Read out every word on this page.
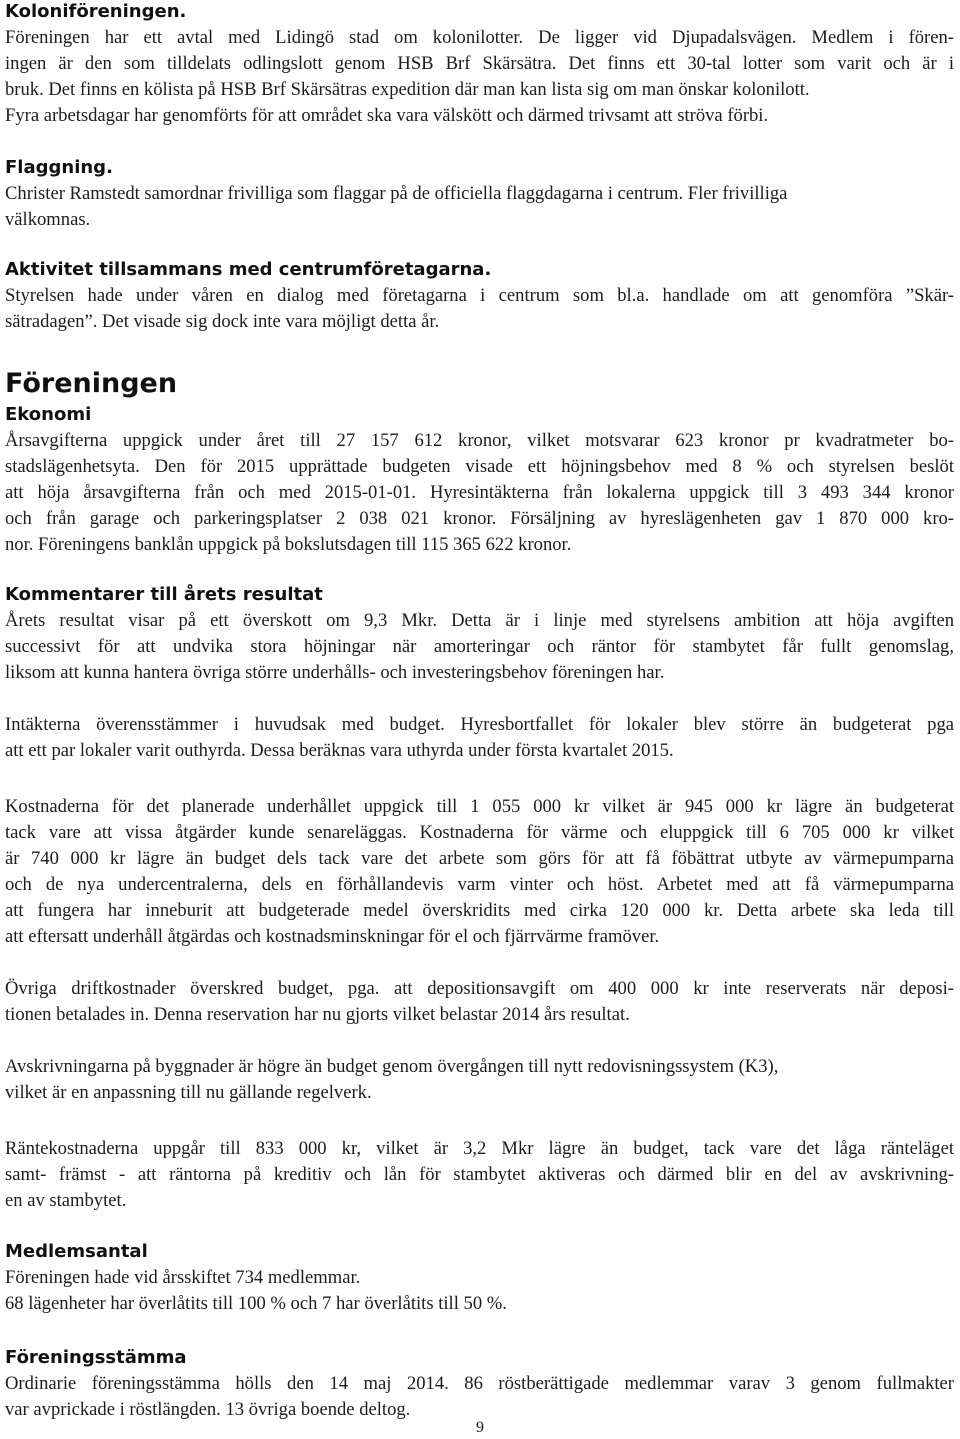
Koloniföreningen.
Föreningen har ett avtal med Lidingö stad om kolonilotter. De ligger vid Djupadalsvägen. Medlem i fören-
ingen är den som tilldelats odlingslott genom HSB Brf Skärsätra. Det finns ett 30-tal lotter som varit och är i
bruk. Det finns en kölista på HSB Brf Skärsätras expedition där man kan lista sig om man önskar kolonilott.
Fyra arbetsdagar har genomförts för att området ska vara välskött och därmed trivsamt att ströva förbi.
Flaggning.
Christer Ramstedt samordnar frivilliga som flaggar på de officiella flaggdagarna i centrum. Fler frivilliga
välkomnas.
Aktivitet tillsammans med centrumföretagarna.
Styrelsen hade under våren en dialog med företagarna i centrum som bl.a. handlade om att genomföra ”Skär-
sätradagen”. Det visade sig dock inte vara möjligt detta år.
Föreningen
Ekonomi
Årsavgifterna uppgick under året till 27 157 612 kronor, vilket motsvarar 623 kronor pr kvadratmeter bo-
stadslägenhetsyta. Den för 2015 upprättade budgeten visade ett höjningsbehov med 8 % och styrelsen beslöt
att höja årsavgifterna från och med 2015-01-01. Hyresintäkterna från lokalerna uppgick till 3 493 344 kronor
och från garage och parkeringsplatser 2 038 021 kronor. Försäljning av hyreslägenheten gav 1 870 000 kro-
nor. Föreningens banklån uppgick på bokslutsdagen till 115 365 622 kronor.
Kommentarer till årets resultat
Årets resultat visar på ett överskott om 9,3 Mkr. Detta är i linje med styrelsens ambition att höja avgiften
successivt för att undvika stora höjningar när amorteringar och räntor för stambytet får fullt genomslag,
liksom att kunna hantera övriga större underhålls- och investeringsbehov föreningen har.
Intäkterna överensstämmer i huvudsak med budget. Hyresbortfallet för lokaler blev större än budgeterat pga
att ett par lokaler varit outhyrda. Dessa beräknas vara uthyrda under första kvartalet 2015.
Kostnaderna för det planerade underhållet uppgick till 1 055 000 kr vilket är 945 000 kr lägre än budgeterat
tack vare att vissa åtgärder kunde senareläggas. Kostnaderna för värme och eluppgick till 6 705 000 kr vilket
är 740 000 kr lägre än budget dels tack vare det arbete som görs för att få föbättrat utbyte av värmepumparna
och de nya undercentralerna, dels en förhållandevis varm vinter och höst. Arbetet med att få värmepumparna
att fungera har inneburit att budgeterade medel överskridits med cirka 120 000 kr. Detta arbete ska leda till
att eftersatt underhåll åtgärdas och kostnadsminskningar för el och fjärrvärme framöver.
Övriga driftkostnader överskred budget, pga. att depositionsavgift om 400 000 kr inte reserverats när deposi-
tionen betalades in. Denna reservation har nu gjorts vilket belastar 2014 års resultat.
Avskrivningarna på byggnader är högre än budget genom övergången till nytt redovisningssystem (K3),
vilket är en anpassning till nu gällande regelverk.
Räntekostnaderna uppgår till 833 000 kr, vilket är 3,2 Mkr lägre än budget, tack vare det låga ränteläget
samt- främst - att räntorna på kreditiv och lån för stambytet aktiveras och därmed blir en del av avskrivning-
en av stambytet.
Medlemsantal
Föreningen hade vid årsskiftet 734 medlemmar.
68 lägenheter har överlåtits till 100 % och 7 har överlåtits till 50 %.
Föreningsstämma
Ordinarie föreningsstämma hölls den 14 maj 2014. 86 röstberättigade medlemmar varav 3 genom fullmakter
var avprickade i röstlängden. 13 övriga boende deltog.
9
